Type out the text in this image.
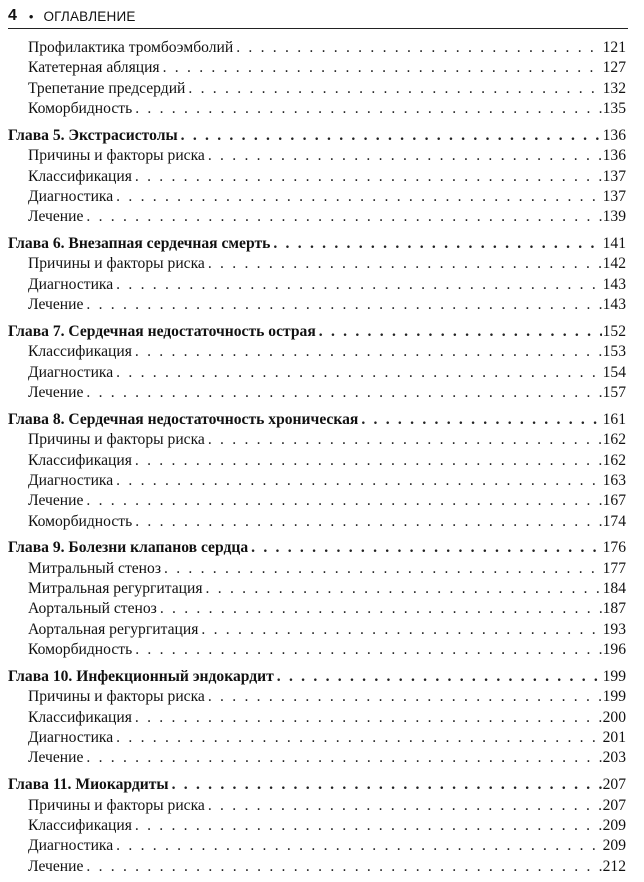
4 • ОГЛАВЛЕНИЕ
Профилактика тромбоэмболий . . .	121
Катетерная абляция . . .	127
Трепетание предсердий . . .	132
Коморбидность . . .	135
Глава 5. Экстрасистолы . . .	136
Причины и факторы риска . . .	136
Классификация . . .	137
Диагностика . . .	137
Лечение . . .	139
Глава 6. Внезапная сердечная смерть . . .	141
Причины и факторы риска . . .	142
Диагностика . . .	143
Лечение . . .	143
Глава 7. Сердечная недостаточность острая . . .	152
Классификация . . .	153
Диагностика . . .	154
Лечение . . .	157
Глава 8. Сердечная недостаточность хроническая . . .	161
Причины и факторы риска . . .	162
Классификация . . .	162
Диагностика . . .	163
Лечение . . .	167
Коморбидность . . .	174
Глава 9. Болезни клапанов сердца . . .	176
Митральный стеноз . . .	177
Митральная регургитация . . .	184
Аортальный стеноз . . .	187
Аортальная регургитация . . .	193
Коморбидность . . .	196
Глава 10. Инфекционный эндокардит . . .	199
Причины и факторы риска . . .	199
Классификация . . .	200
Диагностика . . .	201
Лечение . . .	203
Глава 11. Миокардиты . . .	207
Причины и факторы риска . . .	207
Классификация . . .	209
Диагностика . . .	209
Лечение . . .	212
